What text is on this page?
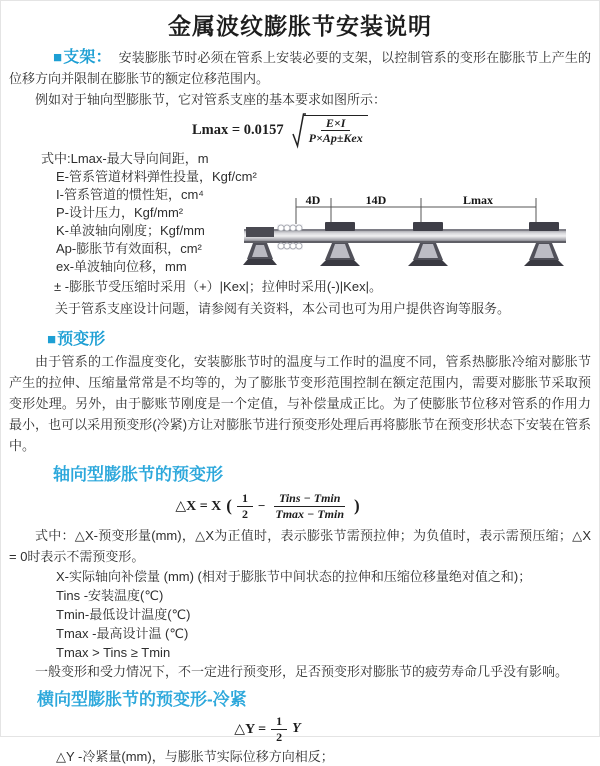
金属波纹膨胀节安装说明

■支架： 安装膨胀节时必须在管系上安装必要的支架，以控制管系的变形在膨胀节上产生的位移方向并限制在膨胀节的额定位移范围内。

例如对于轴向型膨胀节，它对管系支座的基本要求如图所示：

$Lmax = 0.0157 \frac{E\times I}{\text{P×Ap±Kex}}$
式中:Lmax-最大导向间距，m
E-管系管道材料弹性投量，Kgf/cm²
I-管系管道的惯性矩，cm⁴
P-设计压力，Kgf/mm²
K-单波轴向刚度；Kgf/mm
Ap-膨胀节有效面积，cm²
ex-单波轴向位移，mm

± -膨胀节受压缩时采用（+）|Kex|；拉伸时采用(-)|Kex|。

关于管系支座设计问题，请参阅有关资料，本公司也可为用户提供咨询等服务。

■预变形

由于管系的工作温度变化，安装膨胀节时的温度与工作时的温度不同，管系热膨胀冷缩对膨胀节产生的拉伸、压缩量常常是不均等的，为了膨胀节变形范围控制在额定范围内，需要对膨胀节采取预变形处理。另外，由于膨账节刚度是一个定值，与补偿量成正比。为了使膨胀节位移对管系的作用力最小，也可以采用预变形(冷紧)方让对膨胀节进行预变形处理后再将膨胀节在预变形状态下安装在管系中。

轴向型膨胀节的预变形
△X = X ( $\frac{1}{2} - \frac{\text{Tins − Tmin}}{Tmax - Tmin}$ )

式中：△X-预变形量(mm)，△X为正值时，表示膨张节需预拉伸；为负值时，表示需预压缩；△X = 0时表示不需预变形。

X-实际轴向补偿量 (mm) (相对于膨胀节中间状态的拉伸和压缩位移量绝对值之和)；
Tins -安装温度(℃)
Tmin-最低设计温度(℃)
Tmax -最高设计温 (℃)
Tmax > Tins ≥ Tmin

一般变形和受力情况下，不一定进行预变形，足否预变形对膨胀节的疲劳寿命几乎没有影响。

横向型膨胀节的预变形-冷紧
△Y = $\frac{1}{2}$ Y

△Y -冷紧量(mm)，与膨胀节实际位移方向相反；

4D	14D	Lmax
